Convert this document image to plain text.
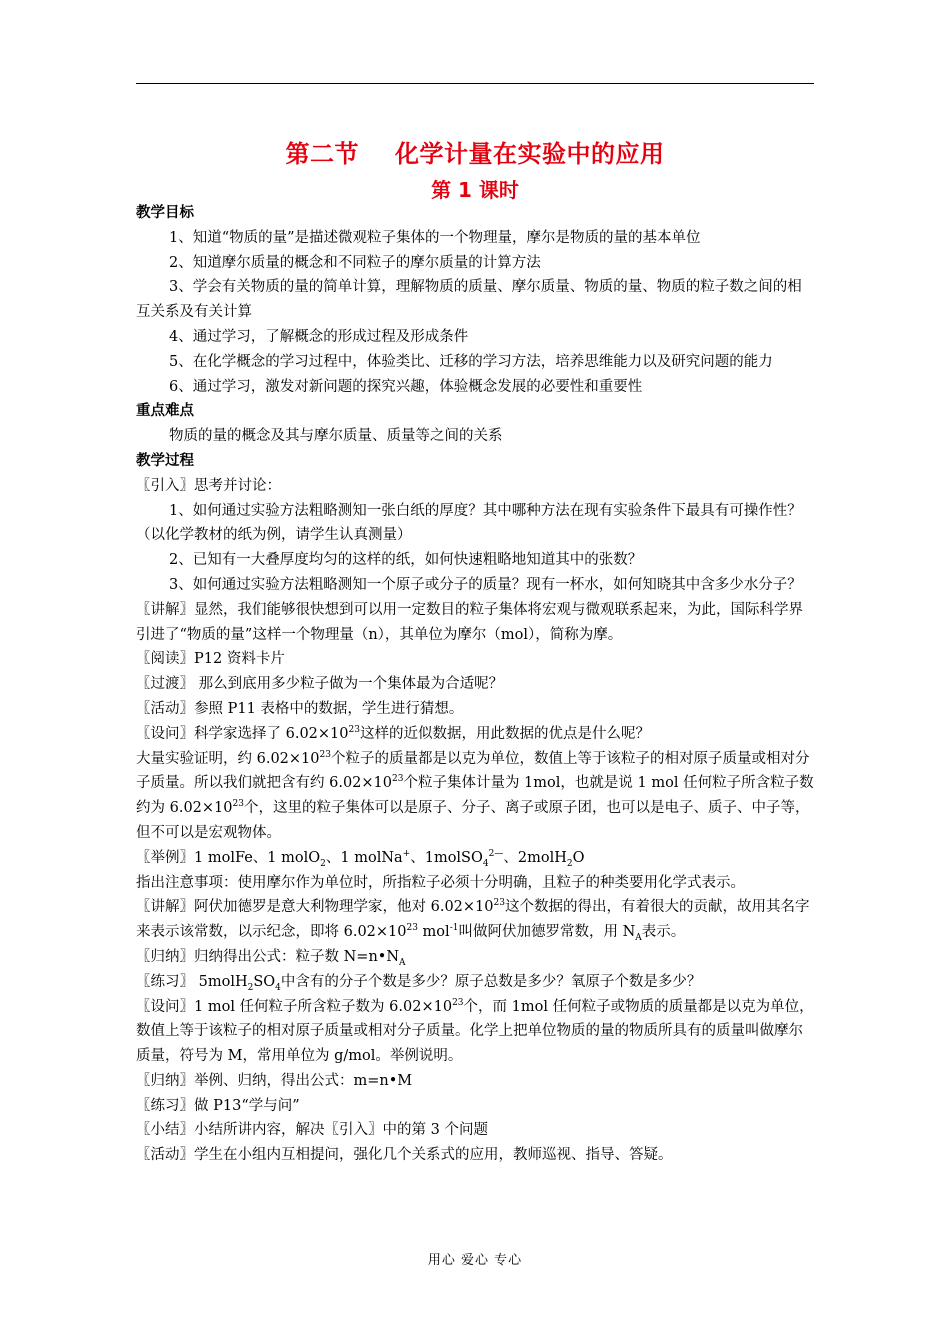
第二节 化学计量在实验中的应用
第 1 课时

教学目标

1、知道“物质的量”是描述微观粒子集体的一个物理量，摩尔是物质的量的基本单位

2、知道摩尔质量的概念和不同粒子的摩尔质量的计算方法

3、学会有关物质的量的简单计算，理解物质的质量、摩尔质量、物质的量、物质的粒子数之间的相互关系及有关计算

4、通过学习，了解概念的形成过程及形成条件

5、在化学概念的学习过程中，体验类比、迁移的学习方法，培养思维能力以及研究问题的能力

6、通过学习，激发对新问题的探究兴趣，体验概念发展的必要性和重要性

重点难点

物质的量的概念及其与摩尔质量、质量等之间的关系

教学过程

〖引入〗思考并讨论：

1、如何通过实验方法粗略测知一张白纸的厚度？其中哪种方法在现有实验条件下最具有可操作性？（以化学教材的纸为例，请学生认真测量）

2、已知有一大叠厚度均匀的这样的纸，如何快速粗略地知道其中的张数？

3、如何通过实验方法粗略测知一个原子或分子的质量？现有一杯水，如何知晓其中含多少水分子？

〖讲解〗显然，我们能够很快想到可以用一定数目的粒子集体将宏观与微观联系起来，为此，国际科学界引进了“物质的量”这样一个物理量（n），其单位为摩尔（mol），简称为摩。

〖阅读〗P12 资料卡片

〖过渡〗 那么到底用多少粒子做为一个集体最为合适呢？

〖活动〗参照 P11 表格中的数据，学生进行猜想。

〖设问〗科学家选择了 $6.02\times 10^{23}$这样的近似数据，用此数据的优点是什么呢？

大量实验证明，约 $6.02\times 10^{23}$个粒子的质量都是以克为单位，数值上等于该粒子的相对原子质量或相对分子质量。所以我们就把含有约 $6.02\times 10^{23}$个粒子集体计量为 1mol，也就是说 1 mol 任何粒子所含粒子数约为 $6.02\times 10^{23}$个，这里的粒子集体可以是原子、分子、离子或原子团，也可以是电子、质子、中子等，但不可以是宏观物体。

〖举例〗1 molFe、1 molO$_2$、1 molNa+、1molSO$_4^{2—}$、2molH$_2$O

指出注意事项：使用摩尔作为单位时，所指粒子必须十分明确，且粒子的种类要用化学式表示。

〖讲解〗阿伏加德罗是意大利物理学家，他对 $6.02\times 10^{23}$这个数据的得出，有着很大的贡献，故用其名字来表示该常数，以示纪念，即将 $6.02\times 10^{23}$ mol$^{-1}$叫做阿伏加德罗常数，用 $N_A$表示。

〖归纳〗归纳得出公式：粒子数 $N=n•N_A$

〖练习〗 $5molH_2SO_4$中含有的分子个数是多少？原子总数是多少？氧原子个数是多少？

〖设问〗1 mol 任何粒子所含粒子数为 $6.02\times 10^{23}$个，而 1mol 任何粒子或物质的质量都是以克为单位，数值上等于该粒子的相对原子质量或相对分子质量。化学上把单位物质的量的物质所具有的质量叫做摩尔质量，符号为 M，常用单位为 g/mol。举例说明。

〖归纳〗举例、归纳，得出公式：m=n•M

〖练习〗做 P13“学与问”

〖小结〗小结所讲内容，解决〖引入〗中的第 3 个问题

〖活动〗学生在小组内互相提问，强化几个关系式的应用，教师巡视、指导、答疑。

用心 爱心 专心
